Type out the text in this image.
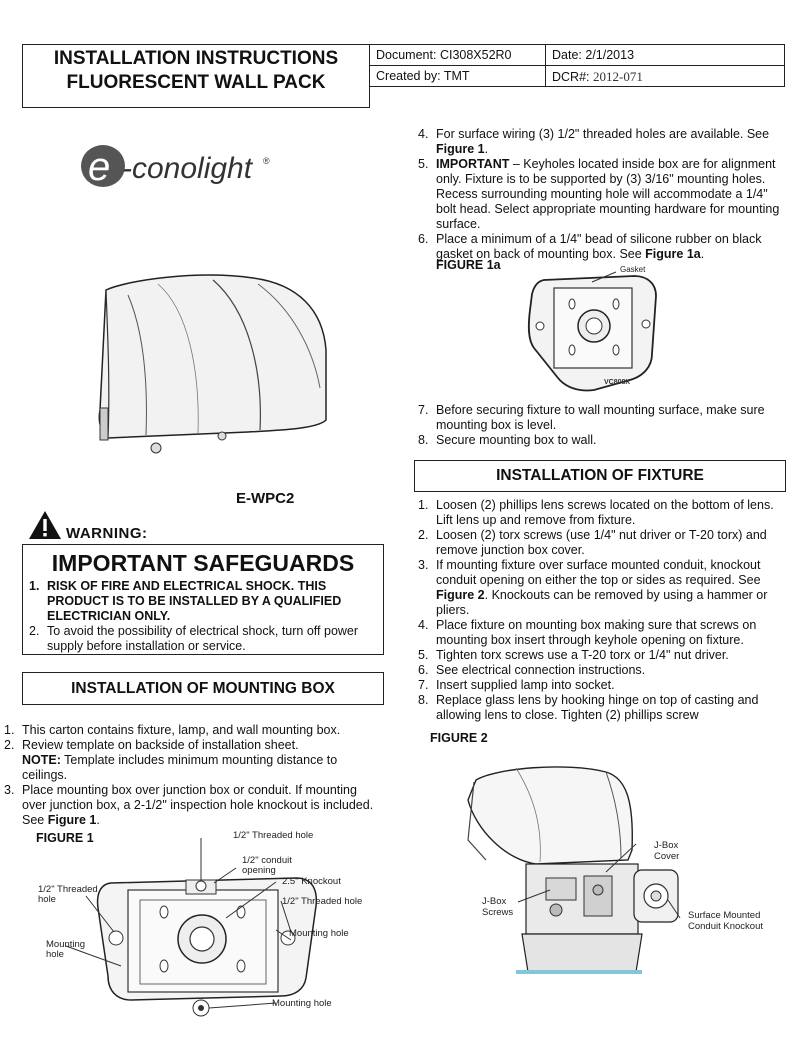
INSTALLATION INSTRUCTIONS
FLUORESCENT WALL PACK
Document: CI308X52R0	Date: 2/1/2013
Created by: TMT	DCR#: 2012-071
e -conolight ®
E-WPC2
WARNING:
IMPORTANT SAFEGUARDS
1. RISK OF FIRE AND ELECTRICAL SHOCK. THIS PRODUCT IS TO BE INSTALLED BY A QUALIFIED ELECTRICIAN ONLY.
2. To avoid the possibility of electrical shock, turn off power supply before installation or service.
INSTALLATION OF MOUNTING BOX
1. This carton contains fixture, lamp, and wall mounting box.
2. Review template on backside of installation sheet.
NOTE: Template includes minimum mounting distance to ceilings.
3. Place mounting box over junction box or conduit. If mounting over junction box, a 2-1/2" inspection hole knockout is included. See Figure 1.
FIGURE 1	1/2" Threaded hole
1/2" conduit opening
2.5" Knockout
1/2" Threaded hole
1/2" Threaded hole
Mounting hole
Mounting hole
Mounting hole
4. For surface wiring (3) 1/2" threaded holes are available. See Figure 1.
5. IMPORTANT – Keyholes located inside box are for alignment only. Fixture is to be supported by (3) 3/16" mounting holes. Recess surrounding mounting hole will accommodate a 1/4" bolt head. Select appropriate mounting hardware for mounting surface.
6. Place a minimum of a 1/4" bead of silicone rubber on black gasket on back of mounting box. See Figure 1a.
FIGURE 1a
VC808X
Gasket
7. Before securing fixture to wall mounting surface, make sure mounting box is level.
8. Secure mounting box to wall.
INSTALLATION OF FIXTURE
1. Loosen (2) phillips lens screws located on the bottom of lens. Lift lens up and remove from fixture.
2. Loosen (2) torx screws (use 1/4" nut driver or T-20 torx) and remove junction box cover.
3. If mounting fixture over surface mounted conduit, knockout conduit opening on either the top or sides as required. See Figure 2. Knockouts can be removed by using a hammer or pliers.
4. Place fixture on mounting box making sure that screws on mounting box insert through keyhole opening on fixture.
5. Tighten torx screws use a T-20 torx or 1/4" nut driver.
6. See electrical connection instructions.
7. Insert supplied lamp into socket.
8. Replace glass lens by hooking hinge on top of casting and allowing lens to close. Tighten (2) phillips screw
FIGURE 2
J-Box Cover
J-Box Screws	Surface Mounted Conduit Knockout
